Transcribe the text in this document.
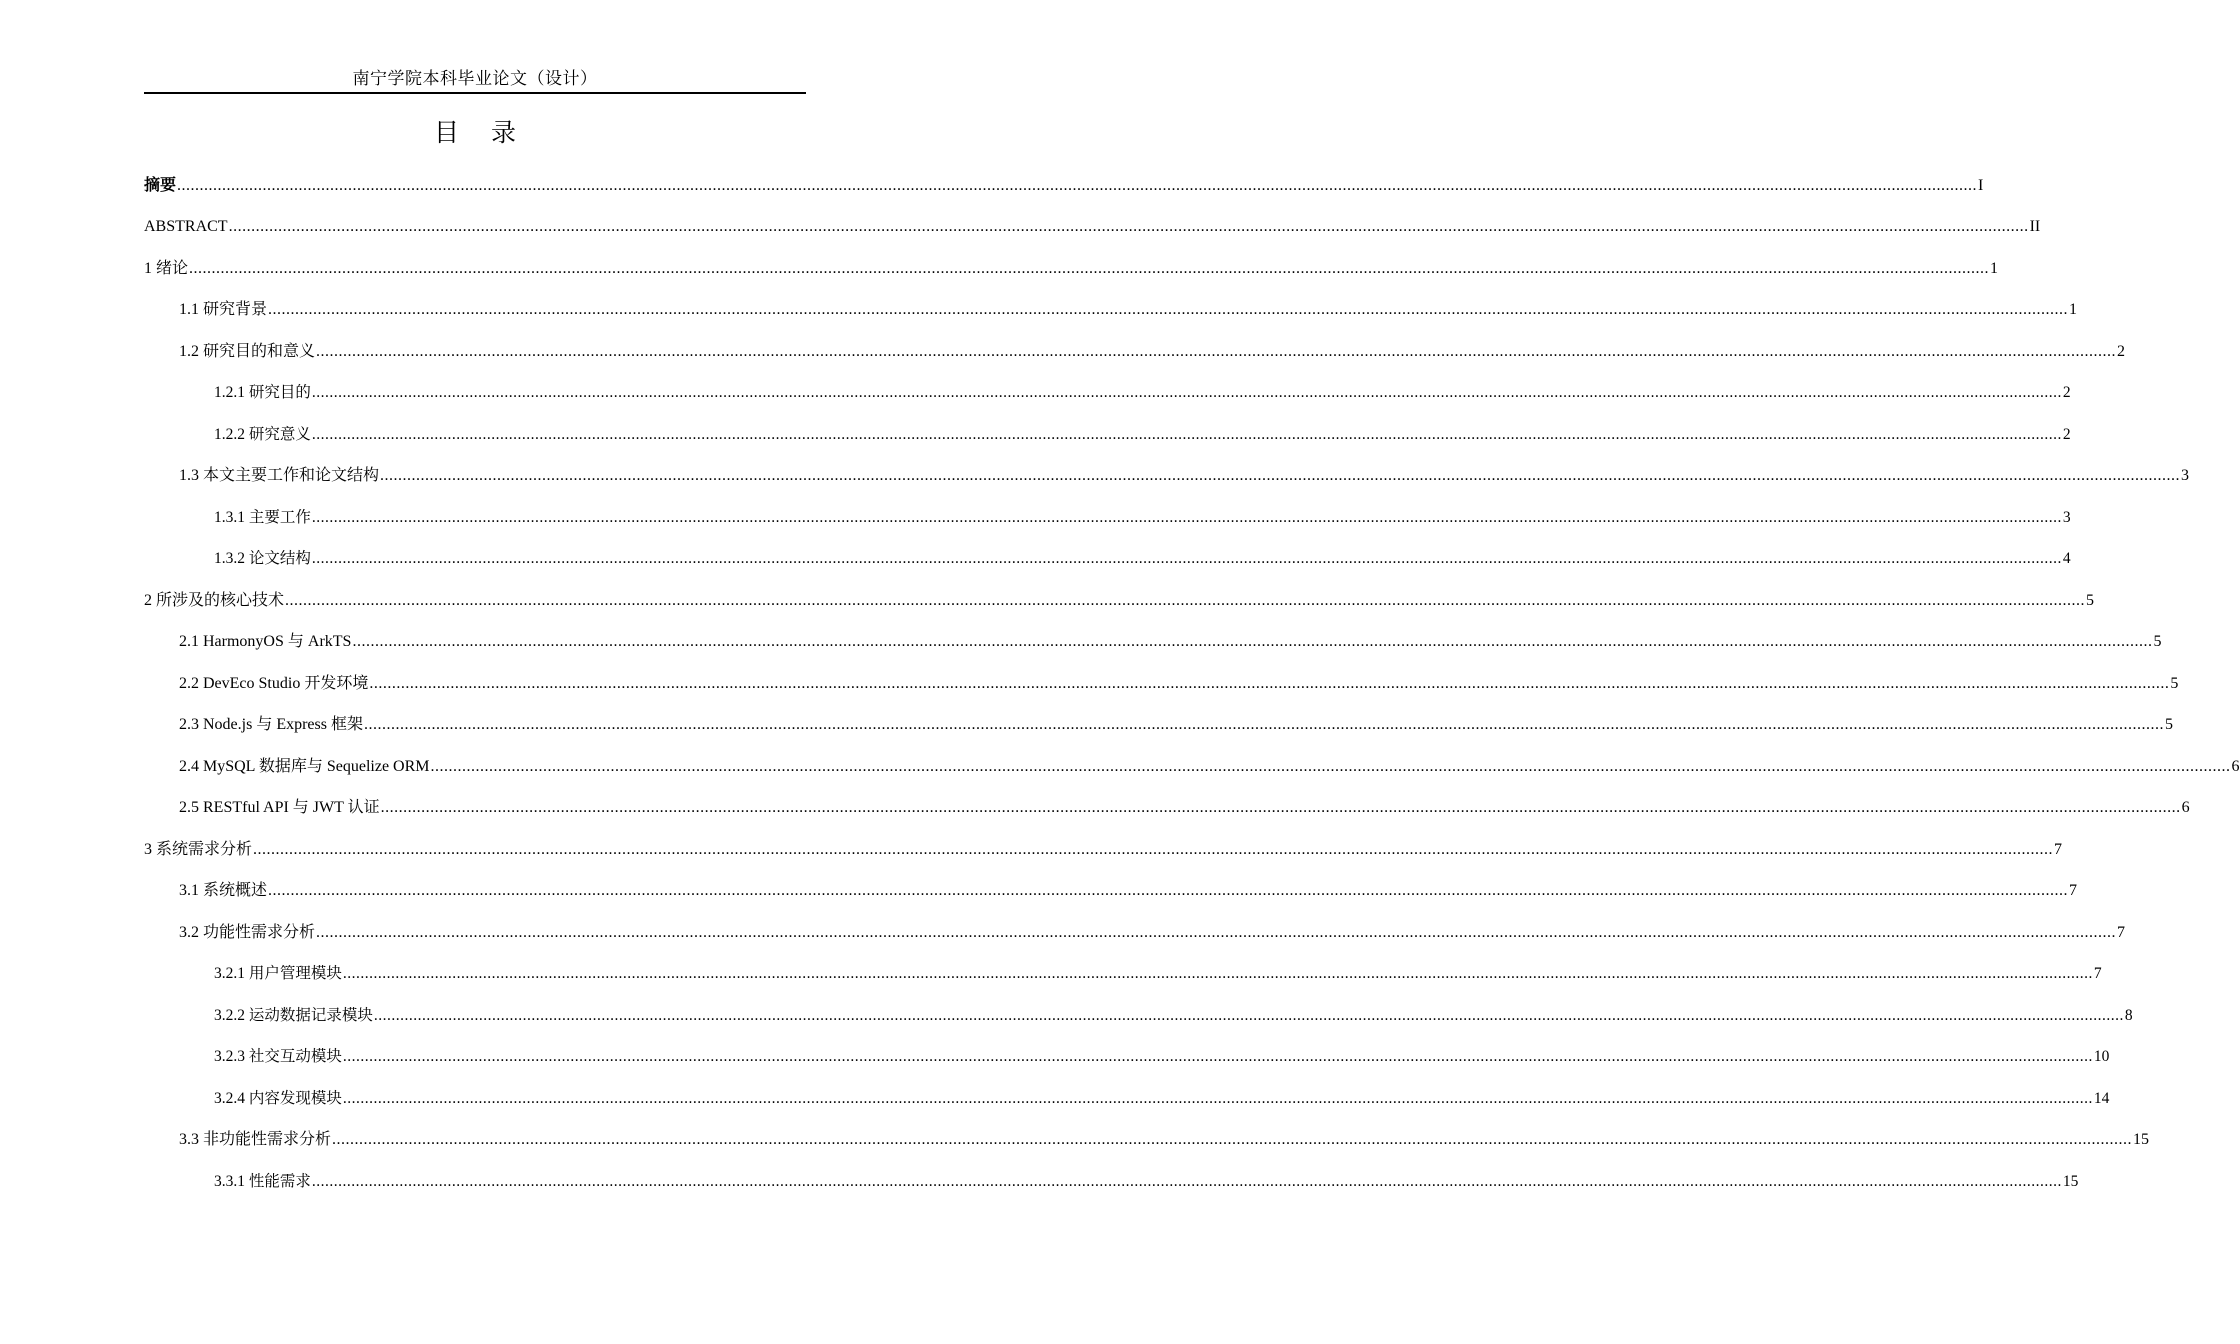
南宁学院本科毕业论文（设计）
目 录
摘要 ................................................................................................................................................................................................................................................................................................................................................................................................................ I
ABSTRACT ................................................................................................................................................................................................................................................................................................................................................................................................................ II
1 绪论 ................................................................................................................................................................................................................................................................................................................................................................................................................ 1
1.1 研究背景 ................................................................................................................................................................................................................................................................................................................................................................................................................ 1
1.2 研究目的和意义 ................................................................................................................................................................................................................................................................................................................................................................................................................ 2
1.2.1 研究目的 ................................................................................................................................................................................................................................................................................................................................................................................................................ 2
1.2.2 研究意义 ................................................................................................................................................................................................................................................................................................................................................................................................................ 2
1.3 本文主要工作和论文结构 ................................................................................................................................................................................................................................................................................................................................................................................................................ 3
1.3.1 主要工作 ................................................................................................................................................................................................................................................................................................................................................................................................................ 3
1.3.2 论文结构 ................................................................................................................................................................................................................................................................................................................................................................................................................ 4
2 所涉及的核心技术 ................................................................................................................................................................................................................................................................................................................................................................................................................ 5
2.1 HarmonyOS 与 ArkTS ................................................................................................................................................................................................................................................................................................................................................................................................................ 5
2.2 DevEco Studio 开发环境 ................................................................................................................................................................................................................................................................................................................................................................................................................ 5
2.3 Node.js 与 Express 框架 ................................................................................................................................................................................................................................................................................................................................................................................................................ 5
2.4 MySQL 数据库与 Sequelize ORM ................................................................................................................................................................................................................................................................................................................................................................................................................ 6
2.5 RESTful API 与 JWT 认证 ................................................................................................................................................................................................................................................................................................................................................................................................................ 6
3 系统需求分析 ................................................................................................................................................................................................................................................................................................................................................................................................................ 7
3.1 系统概述 ................................................................................................................................................................................................................................................................................................................................................................................................................ 7
3.2 功能性需求分析 ................................................................................................................................................................................................................................................................................................................................................................................................................ 7
3.2.1 用户管理模块 ................................................................................................................................................................................................................................................................................................................................................................................................................ 7
3.2.2 运动数据记录模块 ................................................................................................................................................................................................................................................................................................................................................................................................................ 8
3.2.3 社交互动模块 ................................................................................................................................................................................................................................................................................................................................................................................................................ 10
3.2.4 内容发现模块 ................................................................................................................................................................................................................................................................................................................................................................................................................ 14
3.3 非功能性需求分析 ................................................................................................................................................................................................................................................................................................................................................................................................................ 15
3.3.1 性能需求 ................................................................................................................................................................................................................................................................................................................................................................................................................ 15
